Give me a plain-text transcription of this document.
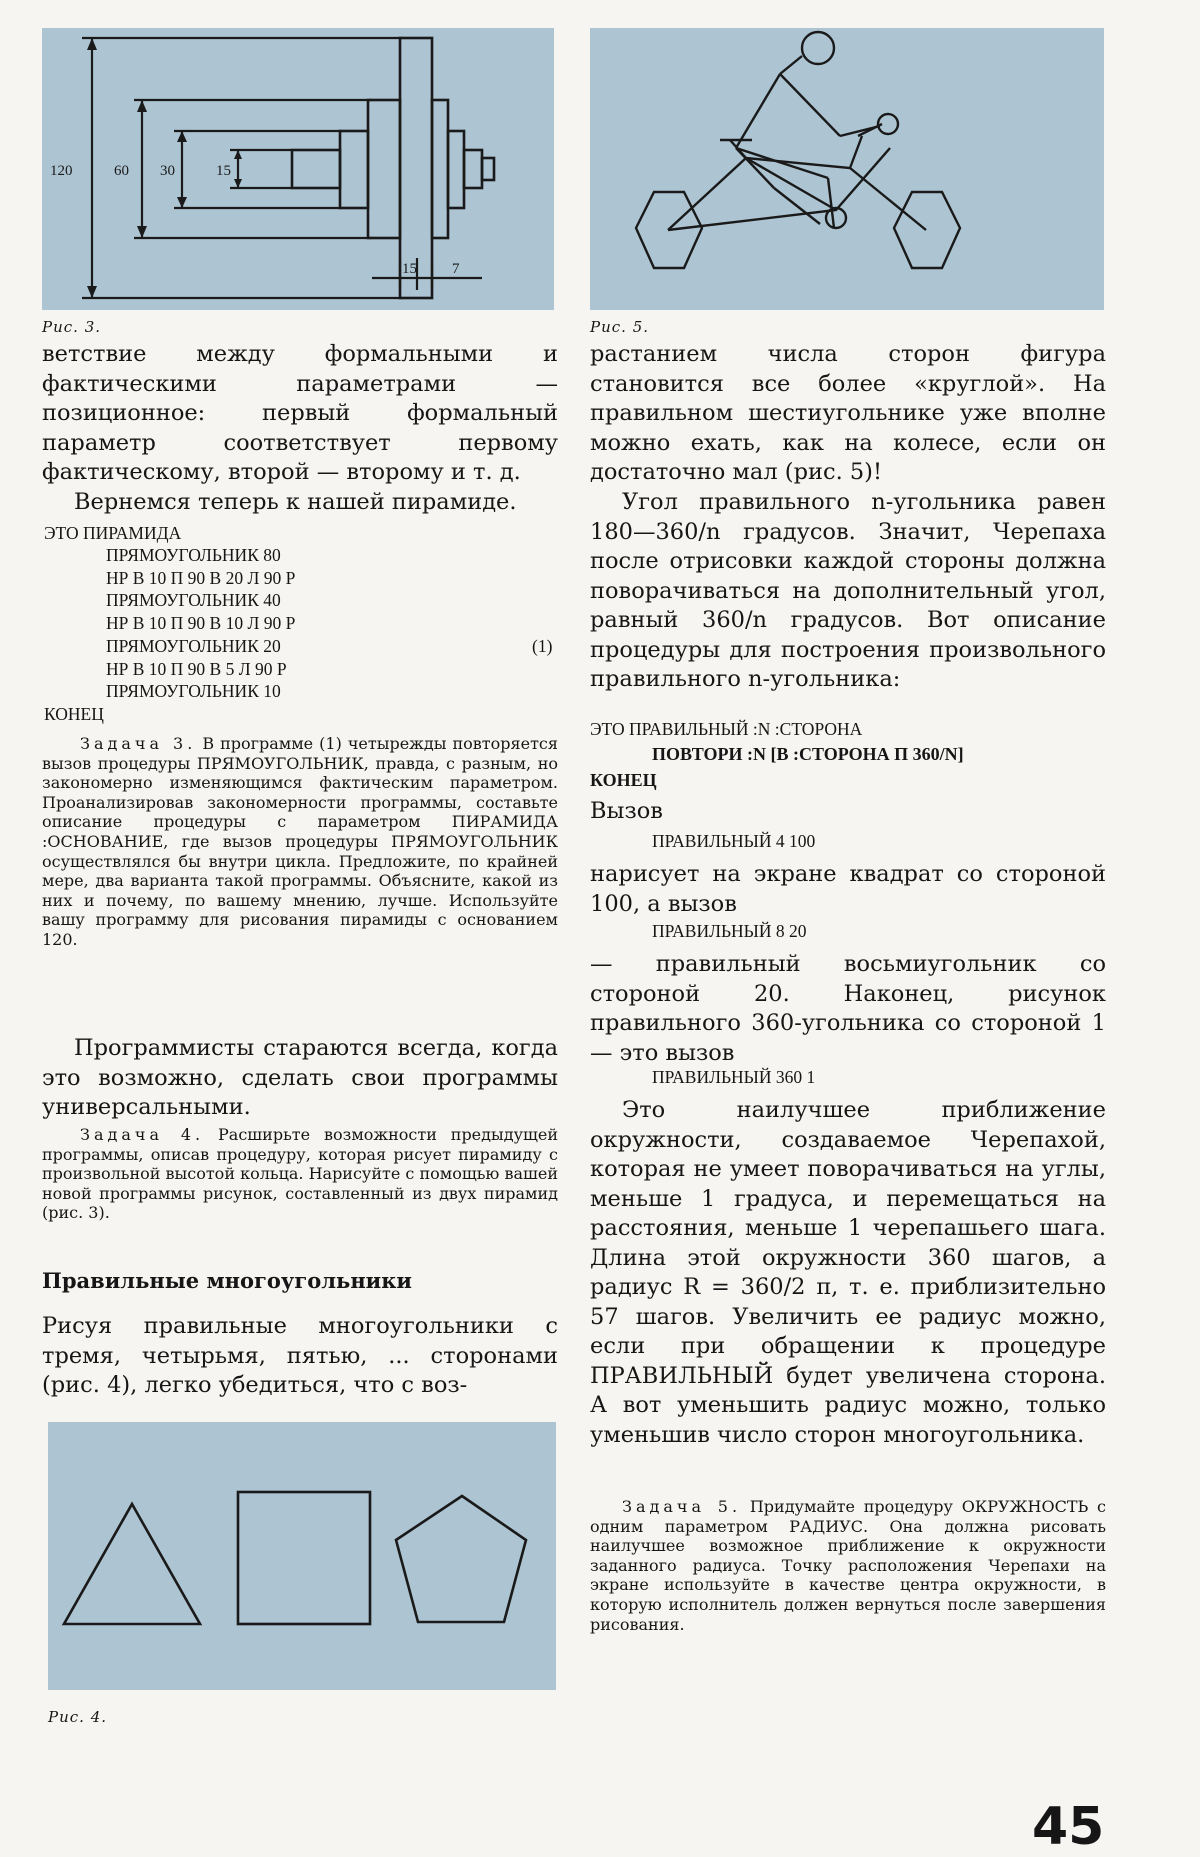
120	60 30	15
15 7
Рис. 3.	Рис. 5.

ветствие между формальными и фактическими параметрами — позиционное: первый формальный параметр соответствует первому фактическому, второй — второму и т. д.

Вернемся теперь к нашей пирамиде.

ЭТО ПИРАМИДА
ПРЯМОУГОЛЬНИК 80
НР В 10 П 90 В 20 Л 90 Р
ПРЯМОУГОЛЬНИК 40
НР В 10 П 90 В 10 Л 90 Р
ПРЯМОУГОЛЬНИК 20
НР В 10 П 90 В 5 Л 90 Р
ПРЯМОУГОЛЬНИК 10
КОНЕЦ
(1)

Задача 3. В программе (1) четырежды повторяется вызов процедуры ПРЯМОУГОЛЬНИК, правда, с разным, но закономерно изменяющимся фактическим параметром. Проанализировав закономерности программы, составьте описание процедуры с параметром ПИРАМИДА :ОСНОВАНИЕ, где вызов процедуры ПРЯМОУГОЛЬНИК осуществлялся бы внутри цикла. Предложите, по крайней мере, два варианта такой программы. Объясните, какой из них и почему, по вашему мнению, лучше. Используйте вашу программу для рисования пирамиды с основанием 120.

Программисты стараются всегда, когда это возможно, сделать свои программы универсальными.

Задача 4. Расширьте возможности предыдущей программы, описав процедуру, которая рисует пирамиду с произвольной высотой кольца. Нарисуйте с помощью вашей новой программы рисунок, составленный из двух пирамид (рис. 3).

Правильные многоугольники

Рисуя правильные многоугольники с тремя, четырьмя, пятью, ... сторонами (рис. 4), легко убедиться, что с воз-

Рис. 4.

растанием числа сторон фигура становится все более «круглой». На правильном шестиугольнике уже вполне можно ехать, как на колесе, если он достаточно мал (рис. 5)!

Угол правильного n-угольника равен 180—360/n градусов. Значит, Черепаха после отрисовки каждой стороны должна поворачиваться на дополнительный угол, равный 360/n градусов. Вот описание процедуры для построения произвольного правильного n-угольника:

ЭТО ПРАВИЛЬНЫЙ :N :СТОРОНА
ПОВТОРИ :N [В :СТОРОНА П 360/N]
КОНЕЦ
Вызов
ПРАВИЛЬНЫЙ 4 100

нарисует на экране квадрат со стороной 100, а вызов

ПРАВИЛЬНЫЙ 8 20

— правильный восьмиугольник со стороной 20. Наконец, рисунок правильного 360-угольника со стороной 1 — это вызов

ПРАВИЛЬНЫЙ 360 1

Это наилучшее приближение окружности, создаваемое Черепахой, которая не умеет поворачиваться на углы, меньше 1 градуса, и перемещаться на расстояния, меньше 1 черепашьего шага. Длина этой окружности 360 шагов, а радиус R = 360/2 π, т. е. приблизительно 57 шагов. Увеличить ее радиус можно, если при обращении к процедуре ПРАВИЛЬНЫЙ будет увеличена сторона. А вот уменьшить радиус можно, только уменьшив число сторон многоугольника.

Задача 5. Придумайте процедуру ОКРУЖНОСТЬ с одним параметром РАДИУС. Она должна рисовать наилучшее возможное приближение к окружности заданного радиуса. Точку расположения Черепахи на экране используйте в качестве центра окружности, в которую исполнитель должен вернуться после завершения рисования.

45
